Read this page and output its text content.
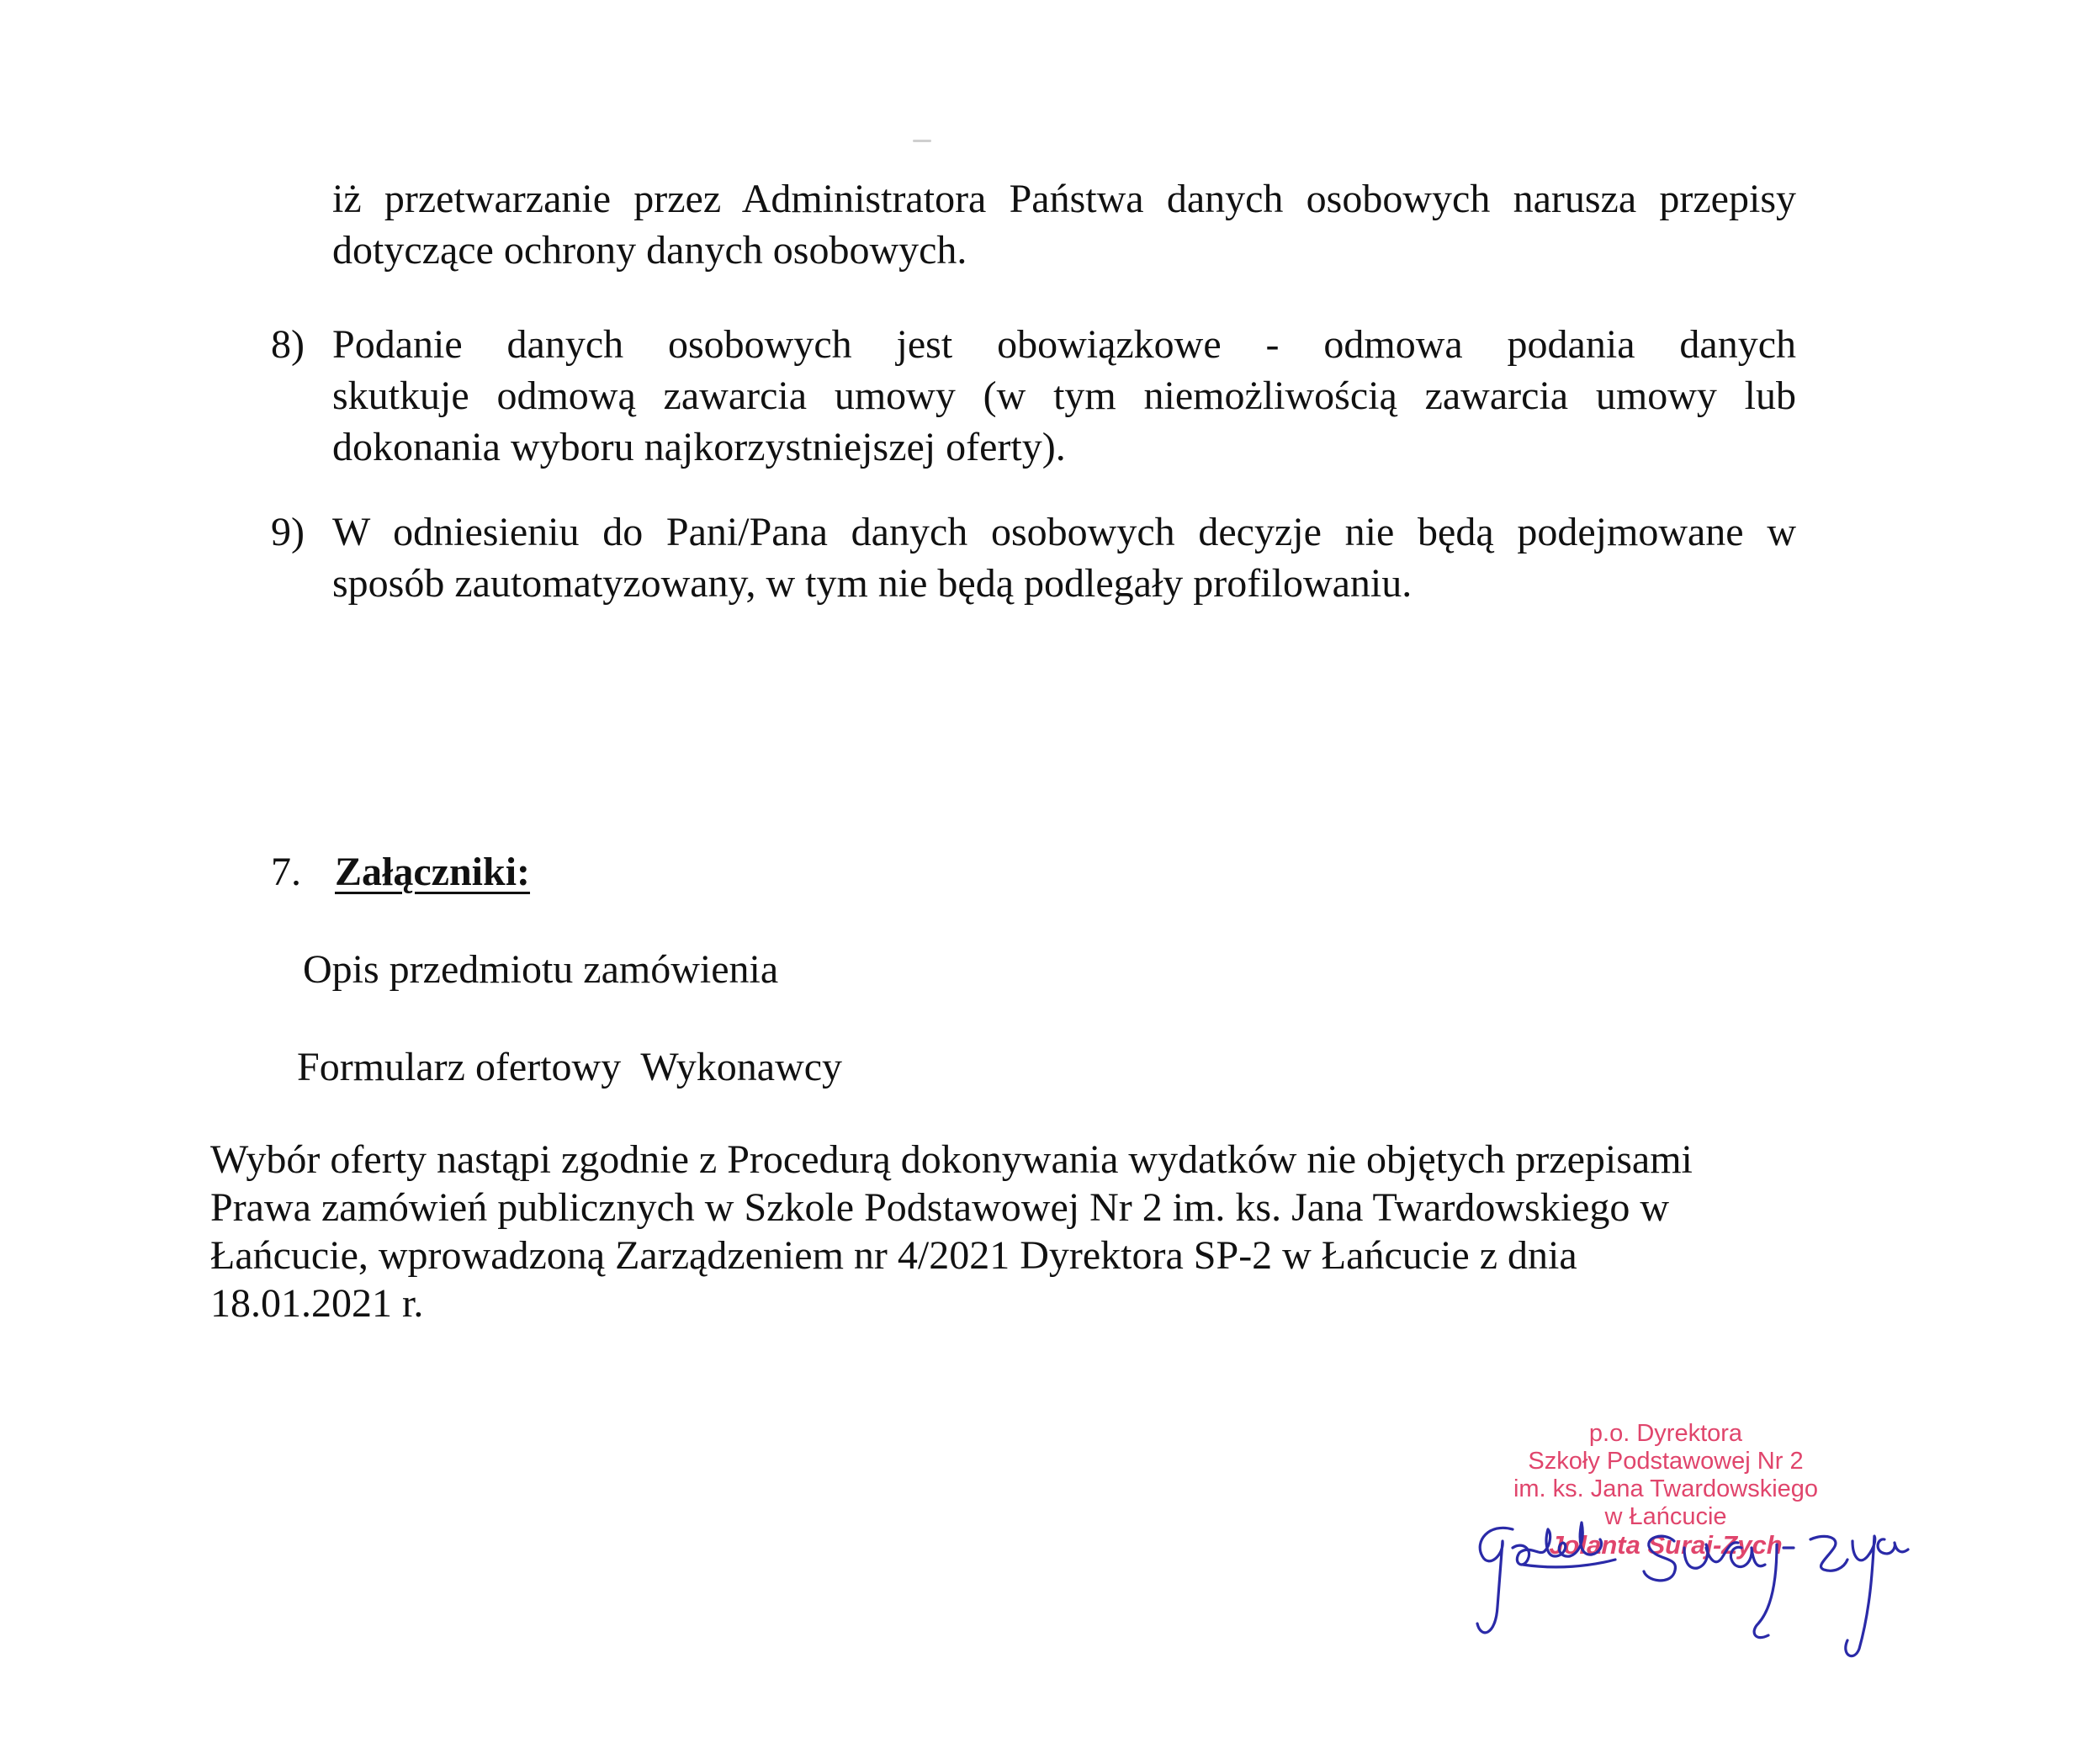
iż przetwarzanie przez Administratora Państwa danych osobowych narusza przepisy dotyczące ochrony danych osobowych.
8) Podanie danych osobowych jest obowiązkowe - odmowa podania danych
skutkuje odmową zawarcia umowy (w tym niemożliwością zawarcia umowy lub
dokonania wyboru najkorzystniejszej oferty).
9) W odniesieniu do Pani/Pana danych osobowych decyzje nie będą podejmowane w
sposób zautomatyzowany, w tym nie będą podlegały profilowaniu.
7. Załączniki:
Opis przedmiotu zamówienia
Formularz ofertowy  Wykonawcy
Wybór oferty nastąpi zgodnie z Procedurą dokonywania wydatków nie objętych przepisami
Prawa zamówień publicznych w Szkole Podstawowej Nr 2 im. ks. Jana Twardowskiego w
Łańcucie, wprowadzoną Zarządzeniem nr 4/2021 Dyrektora SP-2 w Łańcucie z dnia
18.01.2021 r.
p.o. Dyrektora
Szkoły Podstawowej Nr 2
im. ks. Jana Twardowskiego
w Łańcucie
Jolanta Suraj-Zych
